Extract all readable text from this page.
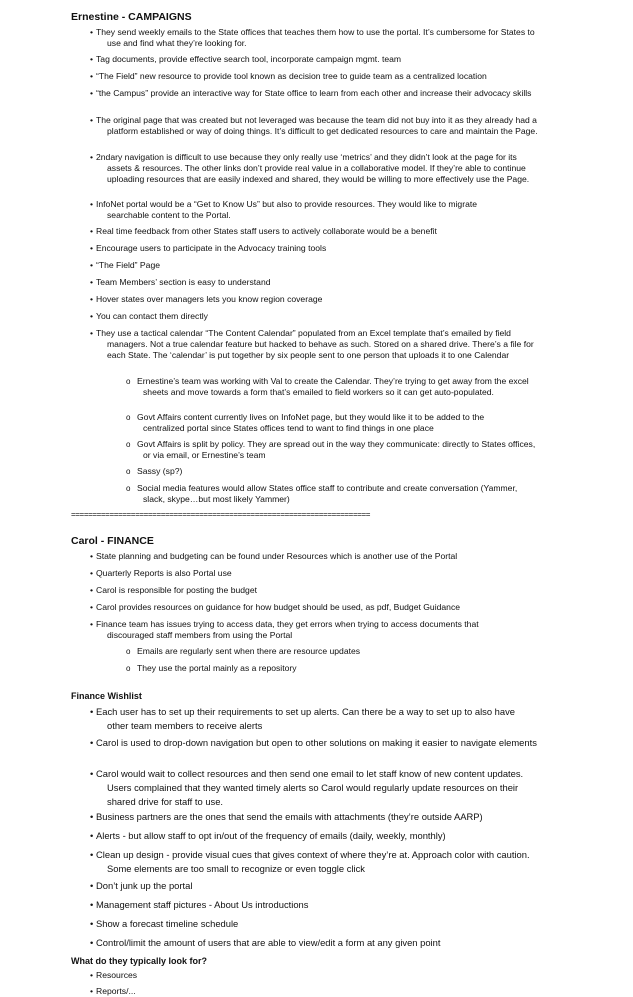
Ernestine - CAMPAIGNS
• They send weekly emails to the State offices that teaches them how to use the portal. It’s cumbersome for States to use and find what they’re looking for.
• Tag documents, provide effective search tool, incorporate campaign mgmt. team
• “The Field” new resource to provide tool known as decision tree to guide team as a centralized location
• “the Campus” provide an interactive way for State office to learn from each other and increase their advocacy skills
• The original page that was created but not leveraged was because the team did not buy into it as they already had a platform established or way of doing things. It’s difficult to get dedicated resources to care and maintain the Page.
• 2ndary navigation is difficult to use because they only really use ‘metrics’ and they didn’t look at the page for its assets & resources. The other links don’t provide real value in a collaborative model. If they’re able to continue uploading resources that are easily indexed and shared, they would be willing to more effectively use the Page.
• InfoNet portal would be a “Get to Know Us” but also to provide resources. They would like to migrate searchable content to the Portal.
• Real time feedback from other States staff users to actively collaborate would be a benefit
• Encourage users to participate in the Advocacy training tools
• “The Field” Page
• Team Members’ section is easy to understand
• Hover states over managers lets you know region coverage
• You can contact them directly
• They use a tactical calendar “The Content Calendar” populated from an Excel template that’s emailed by field managers. Not a true calendar feature but hacked to behave as such. Stored on a shared drive. There’s a file for each State. The ‘calendar’ is put together by six people sent to one person that uploads it to one Calendar
o Ernestine’s team was working with Val to create the Calendar. They’re trying to get away from the excel sheets and move towards a form that’s emailed to field workers so it can get auto-populated.
o Govt Affairs content currently lives on InfoNet page, but they would like it to be added to the centralized portal since States offices tend to want to find things in one place
o Govt Affairs is split by policy. They are spread out in the way they communicate: directly to States offices, or via email, or Ernestine’s team
o Sassy (sp?)
o Social media features would allow States office staff to contribute and create conversation (Yammer, slack, skype…but most likely Yammer)
======================================================================
Carol - FINANCE
• State planning and budgeting can be found under Resources which is another use of the Portal
• Quarterly Reports is also Portal use
• Carol is responsible for posting the budget
• Carol provides resources on guidance for how budget should be used, as pdf, Budget Guidance
• Finance team has issues trying to access data, they get errors when trying to access documents that discouraged staff members from using the Portal
o Emails are regularly sent when there are resource updates
o They use the portal mainly as a repository
Finance Wishlist
• Each user has to set up their requirements to set up alerts. Can there be a way to set up to also have other team members to receive alerts
• Carol is used to drop-down navigation but open to other solutions on making it easier to navigate elements
• Carol would wait to collect resources and then send one email to let staff know of new content updates. Users complained that they wanted timely alerts so Carol would regularly update resources on their shared drive for staff to use.
• Business partners are the ones that send the emails with attachments (they’re outside AARP)
• Alerts - but allow staff to opt in/out of the frequency of emails (daily, weekly, monthly)
• Clean up design - provide visual cues that gives context of where they’re at. Approach color with caution. Some elements are too small to recognize or even toggle click
• Don’t junk up the portal
• Management staff pictures - About Us introductions
• Show a forecast timeline schedule
• Control/limit the amount of users that are able to view/edit a form at any given point
What do they typically look for?
• Resources
• Reports/...
